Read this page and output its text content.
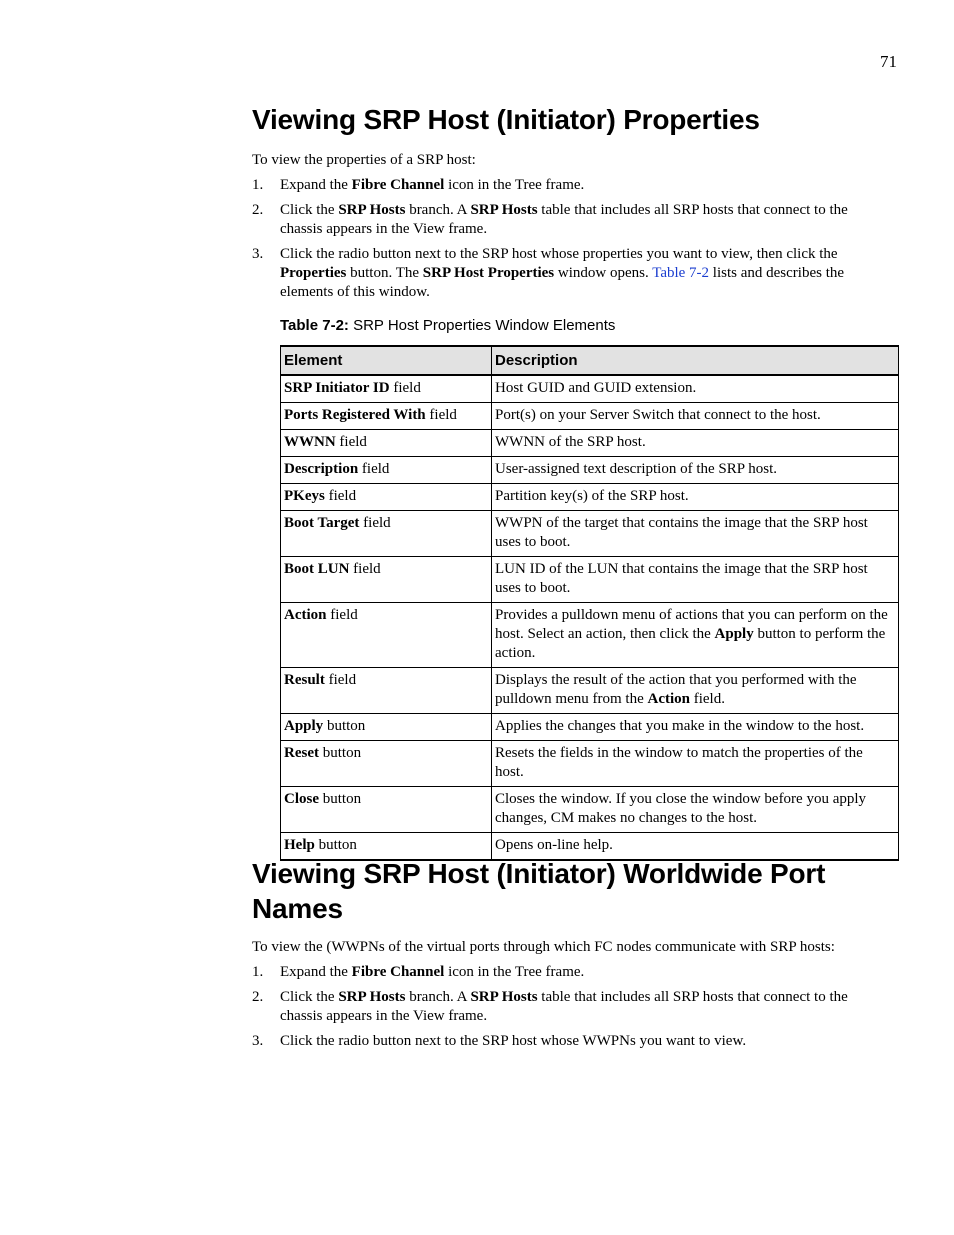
71
Viewing SRP Host (Initiator) Properties

To view the properties of a SRP host:

1. Expand the Fibre Channel icon in the Tree frame.
2. Click the SRP Hosts branch. A SRP Hosts table that includes all SRP hosts that connect to the chassis appears in the View frame.
3. Click the radio button next to the SRP host whose properties you want to view, then click the Properties button. The SRP Host Properties window opens. Table 7-2 lists and describes the elements of this window.
Table 7-2: SRP Host Properties Window Elements
Element	Description
SRP Initiator ID field	Host GUID and GUID extension.
Ports Registered With field	Port(s) on your Server Switch that connect to the host.
WWNN field	WWNN of the SRP host.
Description field	User-assigned text description of the SRP host.
PKeys field	Partition key(s) of the SRP host.
Boot Target field	WWPN of the target that contains the image that the SRP host uses to boot.
Boot LUN field	LUN ID of the LUN that contains the image that the SRP host uses to boot.
Action field	Provides a pulldown menu of actions that you can perform on the host. Select an action, then click the Apply button to perform the action.
Result field	Displays the result of the action that you performed with the pulldown menu from the Action field.
Apply button	Applies the changes that you make in the window to the host.
Reset button	Resets the fields in the window to match the properties of the host.
Close button	Closes the window. If you close the window before you apply changes, CM makes no changes to the host.
Help button	Opens on-line help.
Viewing SRP Host (Initiator) Worldwide Port Names

To view the (WWPNs of the virtual ports through which FC nodes communicate with SRP hosts:

1. Expand the Fibre Channel icon in the Tree frame.
2. Click the SRP Hosts branch. A SRP Hosts table that includes all SRP hosts that connect to the chassis appears in the View frame.
3. Click the radio button next to the SRP host whose WWPNs you want to view.
